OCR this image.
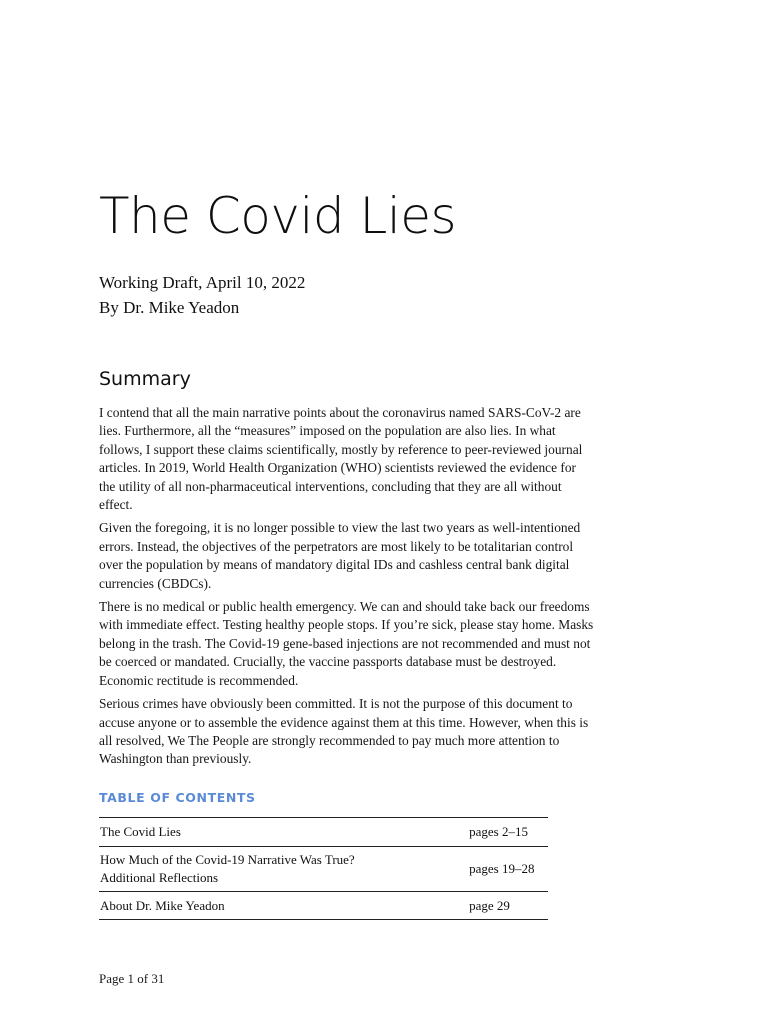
The Covid Lies
Working Draft, April 10, 2022
By Dr. Mike Yeadon
Summary

I contend that all the main narrative points about the coronavirus named SARS-CoV-2 are lies. Furthermore, all the “measures” imposed on the population are also lies. In what follows, I support these claims scientifically, mostly by reference to peer-reviewed journal articles. In 2019, World Health Organization (WHO) scientists reviewed the evidence for the utility of all non-pharmaceutical interventions, concluding that they are all without effect.

Given the foregoing, it is no longer possible to view the last two years as well-intentioned errors. Instead, the objectives of the perpetrators are most likely to be totalitarian control over the population by means of mandatory digital IDs and cashless central bank digital currencies (CBDCs).

There is no medical or public health emergency. We can and should take back our freedoms with immediate effect. Testing healthy people stops. If you’re sick, please stay home. Masks belong in the trash. The Covid-19 gene-based injections are not recommended and must not be coerced or mandated. Crucially, the vaccine passports database must be destroyed. Economic rectitude is recommended.

Serious crimes have obviously been committed. It is not the purpose of this document to accuse anyone or to assemble the evidence against them at this time. However, when this is all resolved, We The People are strongly recommended to pay much more attention to Washington than previously.

TABLE OF CONTENTS
The Covid Lies	pages 2–15

How Much of the Covid-19 Narrative Was True?
Additional Reflections	pages 19–28
About Dr. Mike Yeadon	page 29
Page 1 of 31
